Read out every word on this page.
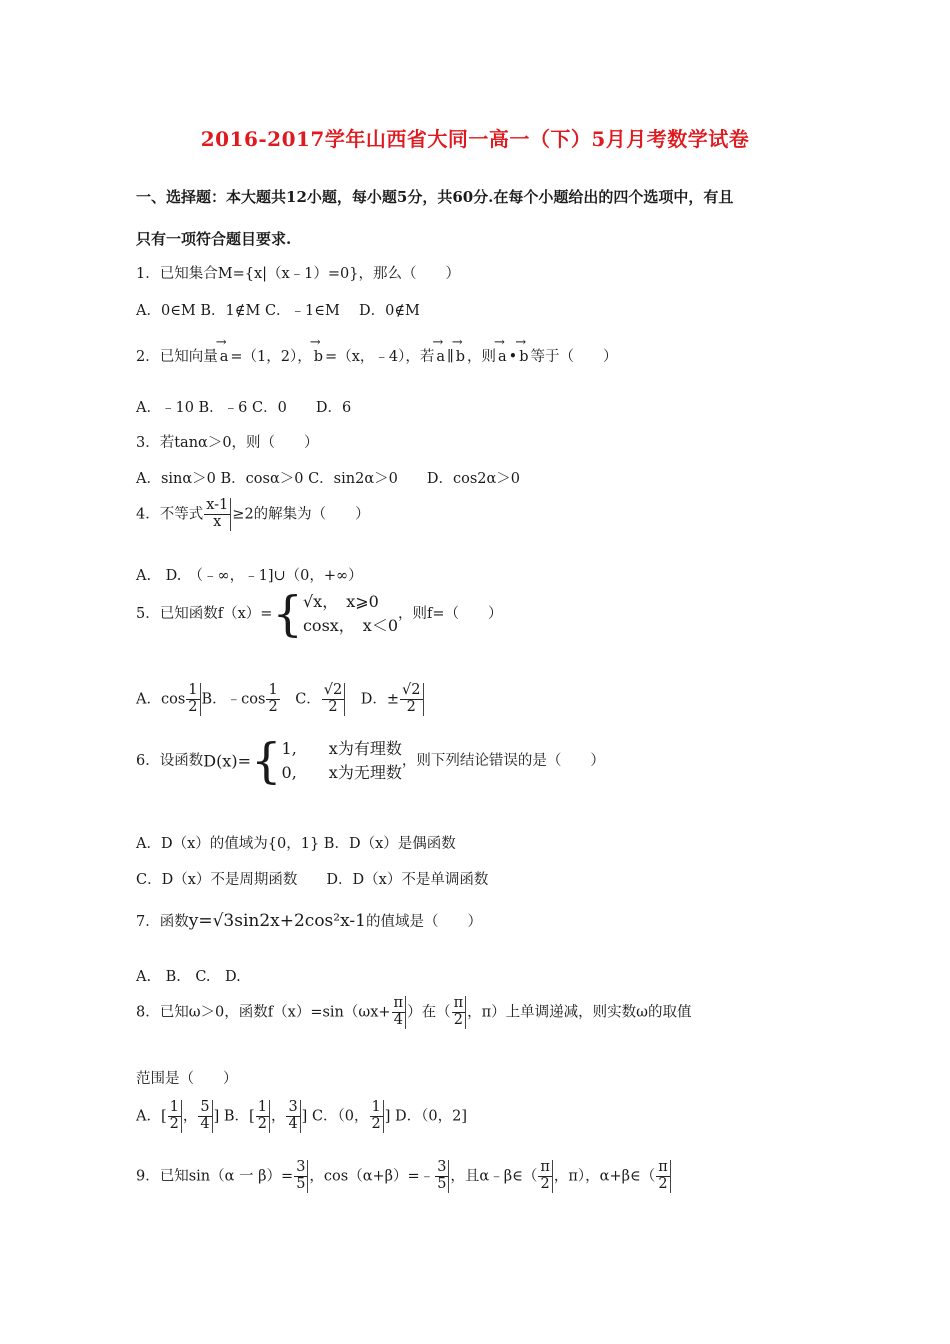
2016-2017学年山西省大同一高一（下）5月月考数学试卷
一、选择题：本大题共12小题，每小题5分，共60分.在每个小题给出的四个选项中，有且
只有一项符合题目要求.
1．已知集合M={x|（x﹣1）=0}，那么（　　）
A．0∈M B．1∉M C．﹣1∈M　 D．0∉M
2．已知向量 → a =（1，2）， → b =（x，﹣4），若 → a ∥ → b ，则 → a • → b 等于（　　）
A．﹣10 B．﹣6 C．0　　D．6
3．若tanα＞0，则（　　）
A．sinα＞0 B．cosα＞0 C．sin2α＞0　　D．cos2α＞0
4．不等式 $\frac{x-1}{x} \ge 2$的解集为（　　）
A.　D.　（﹣∞，﹣1]∪（0，+∞）
5．已知函数f（x）={ √x，　x⩾0
cosx，　x＜0
，则f=（　　）
A．$\cos \frac{1}{2}$ B．﹣cos $\frac{1}{2}$
　 C． $\frac{√2}{2}$
　 D．± $\frac{√2}{2}$
6．设函数D(x)={ 1,　　x为有理数
0,　　x为无理数
，则下列结论错误的是（　　）
A．D（x）的值域为{0，1} B．D（x）是偶函数
C．D（x）不是周期函数　　D．D（x）不是单调函数
7．函数y=√3sin2x+2cos²x-1的值域是（　　）
A.　B.　C.　D.
8．已知ω＞0，函数$f(x)=\sin(\omega x+ \frac{\pi}{4}$ ）在（ $\frac{\pi}{2}$ ，π）上单调递减，则实数ω的取值
范围是（　　）
A．[ $\frac{1}{2}$ ， $\frac{5}{4}$ ] B．[ $\frac{1}{2}$ ， $\frac{3}{4}$ ] C．（0， $\frac{1}{2}$ ] D．（0，2]
9．已知sin（α 一 $\beta)= \frac{3}{5}$ ，cos（α+β）=﹣ $\frac{3}{5}$ ，且α﹣β∈（ $\frac{\pi}{2}$ ，π），α+β∈（ $\frac{\pi}{2}$
